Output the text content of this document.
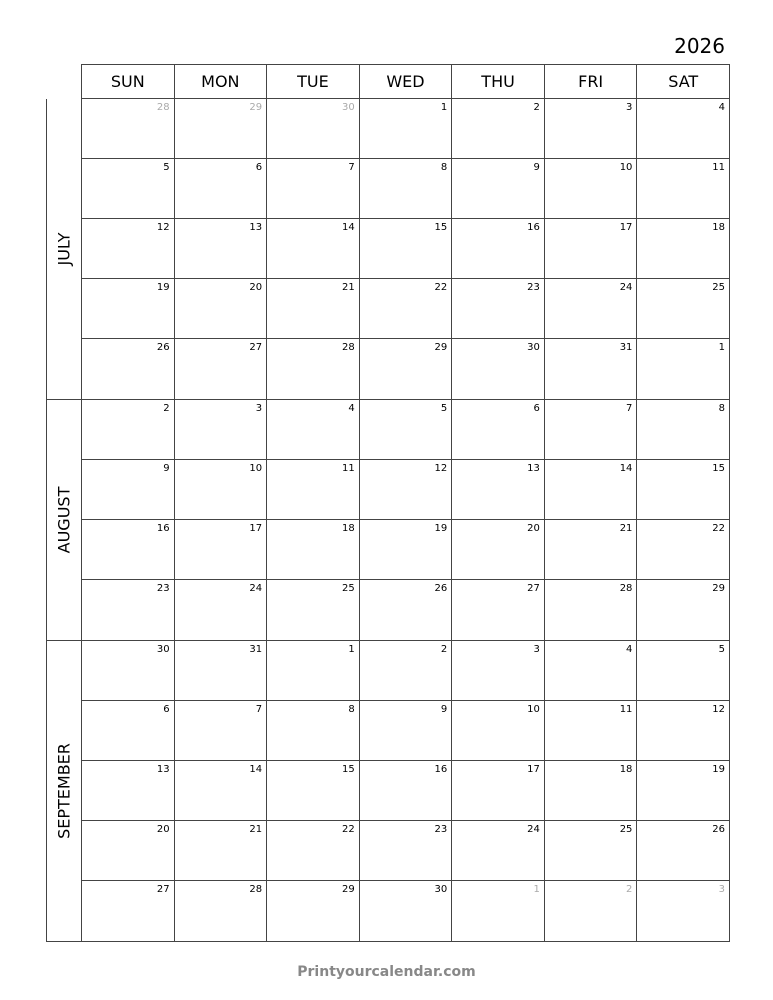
2026
SUN	MON	TUE	WED	THU	FRI	SAT
JULY
28	29	30	1	2	3	4
5	6	7	8	9	10	11
12	13	14	15	16	17	18
19	20	21	22	23	24	25
26	27	28	29	30	31	1
AUGUST
2	3	4	5	6	7	8
9	10	11	12	13	14	15
16	17	18	19	20	21	22
23	24	25	26	27	28	29
SEPTEMBER
30	31	1	2	3	4	5
6	7	8	9	10	11	12
13	14	15	16	17	18	19
20	21	22	23	24	25	26
27	28	29	30	1	2	3
Printyourcalendar.com
